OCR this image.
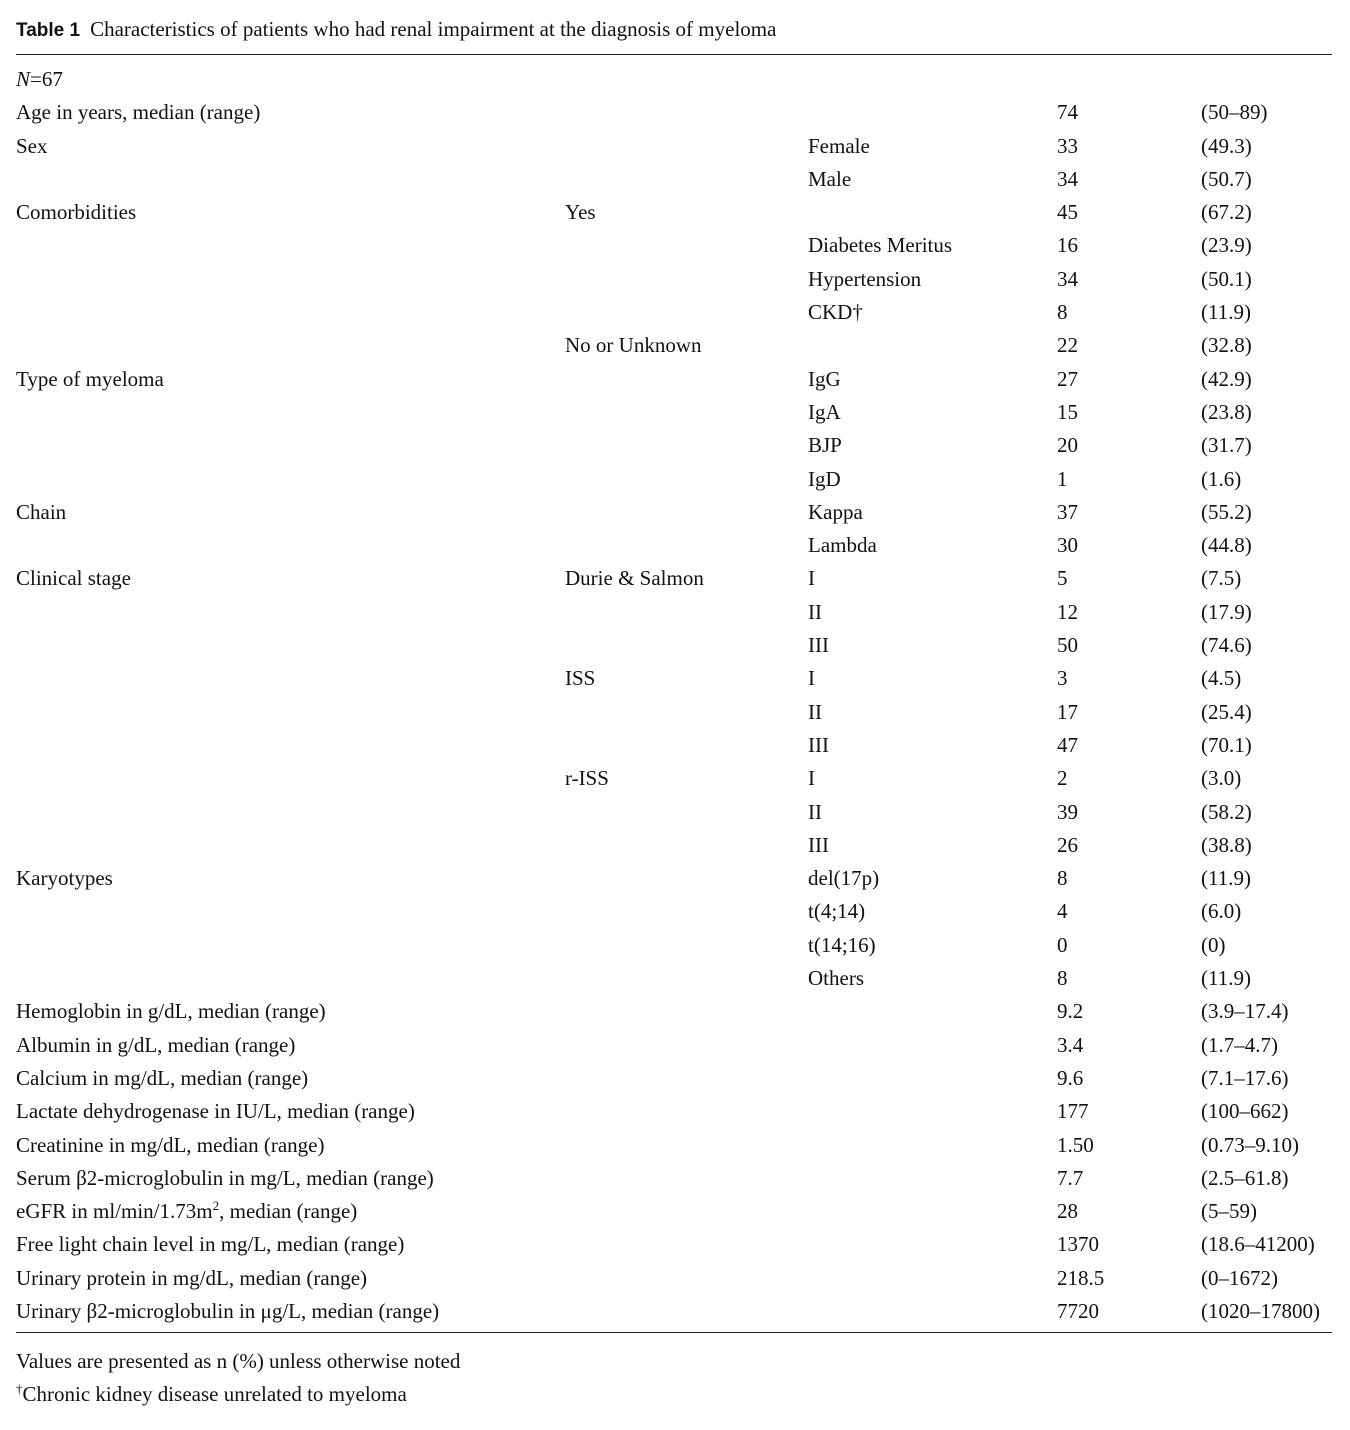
Table 1 Characteristics of patients who had renal impairment at the diagnosis of myeloma
N=67				
Age in years, median (range)			74	(50–89)
Sex		Female	33	(49.3)
		Male	34	(50.7)
Comorbidities	Yes		45	(67.2)
		Diabetes Meritus	16	(23.9)
		Hypertension	34	(50.1)
		CKD†	8	(11.9)
	No or Unknown		22	(32.8)
Type of myeloma		IgG	27	(42.9)
		IgA	15	(23.8)
		BJP	20	(31.7)
		IgD	1	(1.6)
Chain		Kappa	37	(55.2)
		Lambda	30	(44.8)
Clinical stage	Durie & Salmon	I	5	(7.5)
		II	12	(17.9)
		III	50	(74.6)
	ISS	I	3	(4.5)
		II	17	(25.4)
		III	47	(70.1)
	r-ISS	I	2	(3.0)
		II	39	(58.2)
		III	26	(38.8)
Karyotypes		del(17p)	8	(11.9)
		t(4;14)	4	(6.0)
		t(14;16)	0	(0)
		Others	8	(11.9)
Hemoglobin in g/dL, median (range)			9.2	(3.9–17.4)
Albumin in g/dL, median (range)			3.4	(1.7–4.7)
Calcium in mg/dL, median (range)			9.6	(7.1–17.6)
Lactate dehydrogenase in IU/L, median (range)			177	(100–662)
Creatinine in mg/dL, median (range)			1.50	(0.73–9.10)
Serum β2-microglobulin in mg/L, median (range)			7.7	(2.5–61.8)
eGFR in $ml/\min/1.73m^2$, median (range)			28	(5–59)
Free light chain level in mg/L, median (range)			1370	(18.6–41200)
Urinary protein in mg/dL, median (range)			218.5	(0–1672)
Urinary β2-microglobulin in μg/L, median (range)			7720	(1020–17800)
Values are presented as n (%) unless otherwise noted
†Chronic kidney disease unrelated to myeloma
